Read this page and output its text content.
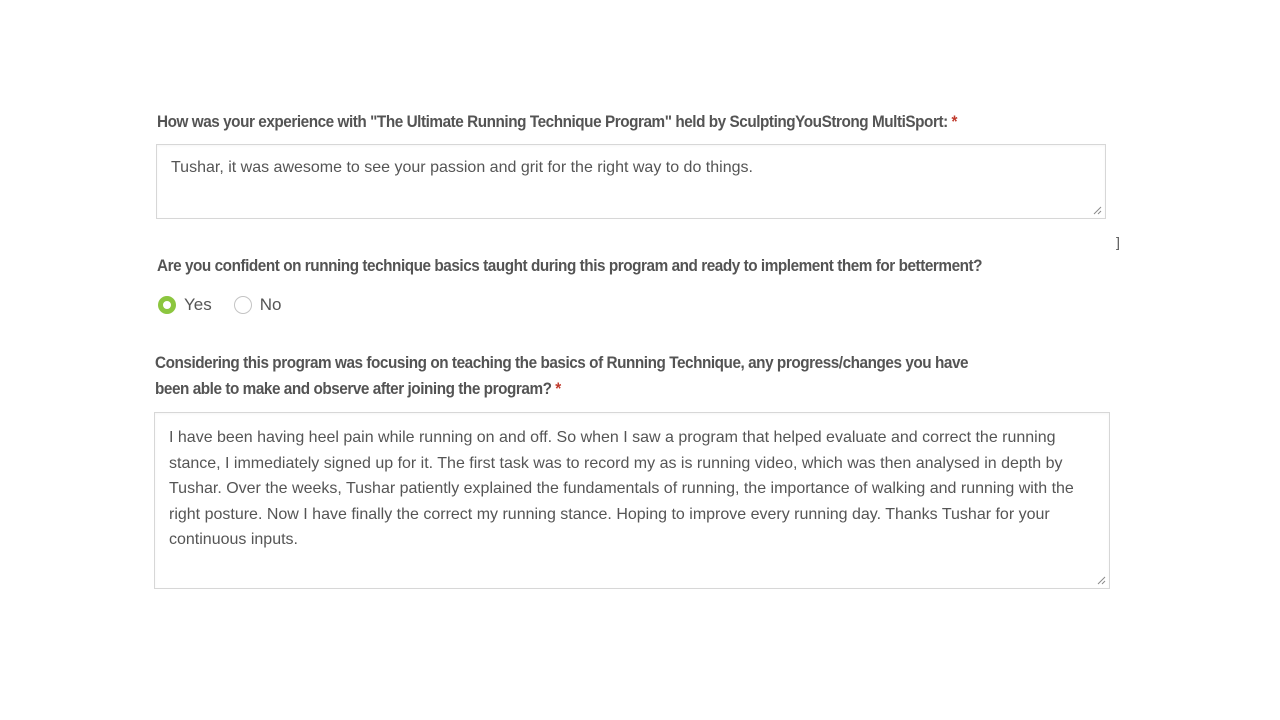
How was your experience with "The Ultimate Running Technique Program" held by SculptingYouStrong MultiSport: *
Tushar, it was awesome to see your passion and grit for the right way to do things.
]
Are you confident on running technique basics taught during this program and ready to implement them for betterment?
Yes	No
Considering this program was focusing on teaching the basics of Running Technique, any progress/changes you have
been able to make and observe after joining the program? *
I have been having heel pain while running on and off. So when I saw a program that helped evaluate and correct the running stance, I immediately signed up for it. The first task was to record my as is running video, which was then analysed in depth by Tushar. Over the weeks, Tushar patiently explained the fundamentals of running, the importance of walking and running with the right posture. Now I have finally the correct my running stance. Hoping to improve every running day. Thanks Tushar for your continuous inputs.
